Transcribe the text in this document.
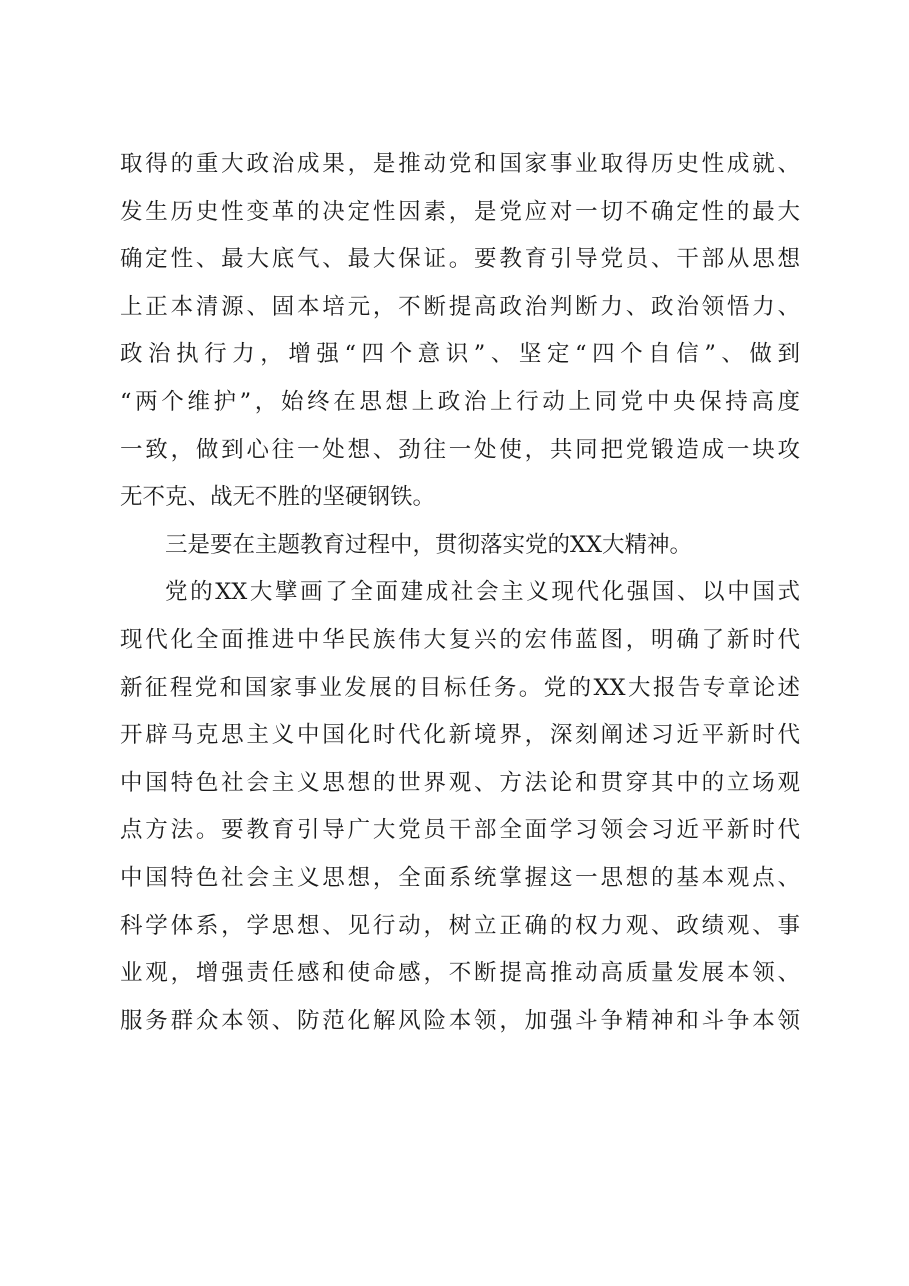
取得的重大政治成果，是推动党和国家事业取得历史性成就、
发生历史性变革的决定性因素，是党应对一切不确定性的最大
确定性、最大底气、最大保证。要教育引导党员、干部从思想
上正本清源、固本培元，不断提高政治判断力、政治领悟力、
政治执行力，增强“四个意识”、坚定“四个自信”、做到
“两个维护”，始终在思想上政治上行动上同党中央保持高度
一致，做到心往一处想、劲往一处使，共同把党锻造成一块攻
无不克、战无不胜的坚硬钢铁。
三是要在主题教育过程中，贯彻落实党的XX大精神。
党的XX大擘画了全面建成社会主义现代化强国、以中国式
现代化全面推进中华民族伟大复兴的宏伟蓝图，明确了新时代
新征程党和国家事业发展的目标任务。党的XX大报告专章论述
开辟马克思主义中国化时代化新境界，深刻阐述习近平新时代
中国特色社会主义思想的世界观、方法论和贯穿其中的立场观
点方法。要教育引导广大党员干部全面学习领会习近平新时代
中国特色社会主义思想，全面系统掌握这一思想的基本观点、
科学体系，学思想、见行动，树立正确的权力观、政绩观、事
业观，增强责任感和使命感，不断提高推动高质量发展本领、
服务群众本领、防范化解风险本领，加强斗争精神和斗争本领
